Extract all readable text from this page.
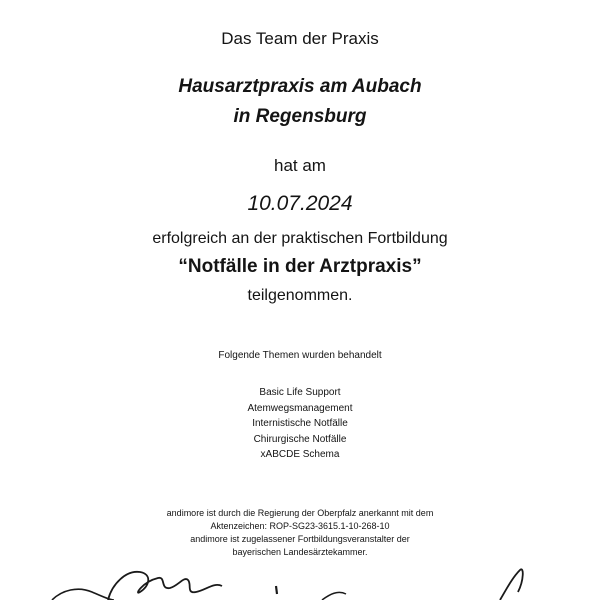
Das Team der Praxis
Hausarztpraxis am Aubach
in Regensburg
hat am
10.07.2024
erfolgreich an der praktischen Fortbildung
“Notfälle in der Arztpraxis”
teilgenommen.
Folgende Themen wurden behandelt
Basic Life Support
Atemwegsmanagement
Internistische Notfälle
Chirurgische Notfälle
xABCDE Schema
andimore ist durch die Regierung der Oberpfalz anerkannt mit dem
Aktenzeichen: ROP-SG23-3615.1-10-268-10
andimore ist zugelassener Fortbildungsveranstalter der
bayerischen Landesärztekammer.
